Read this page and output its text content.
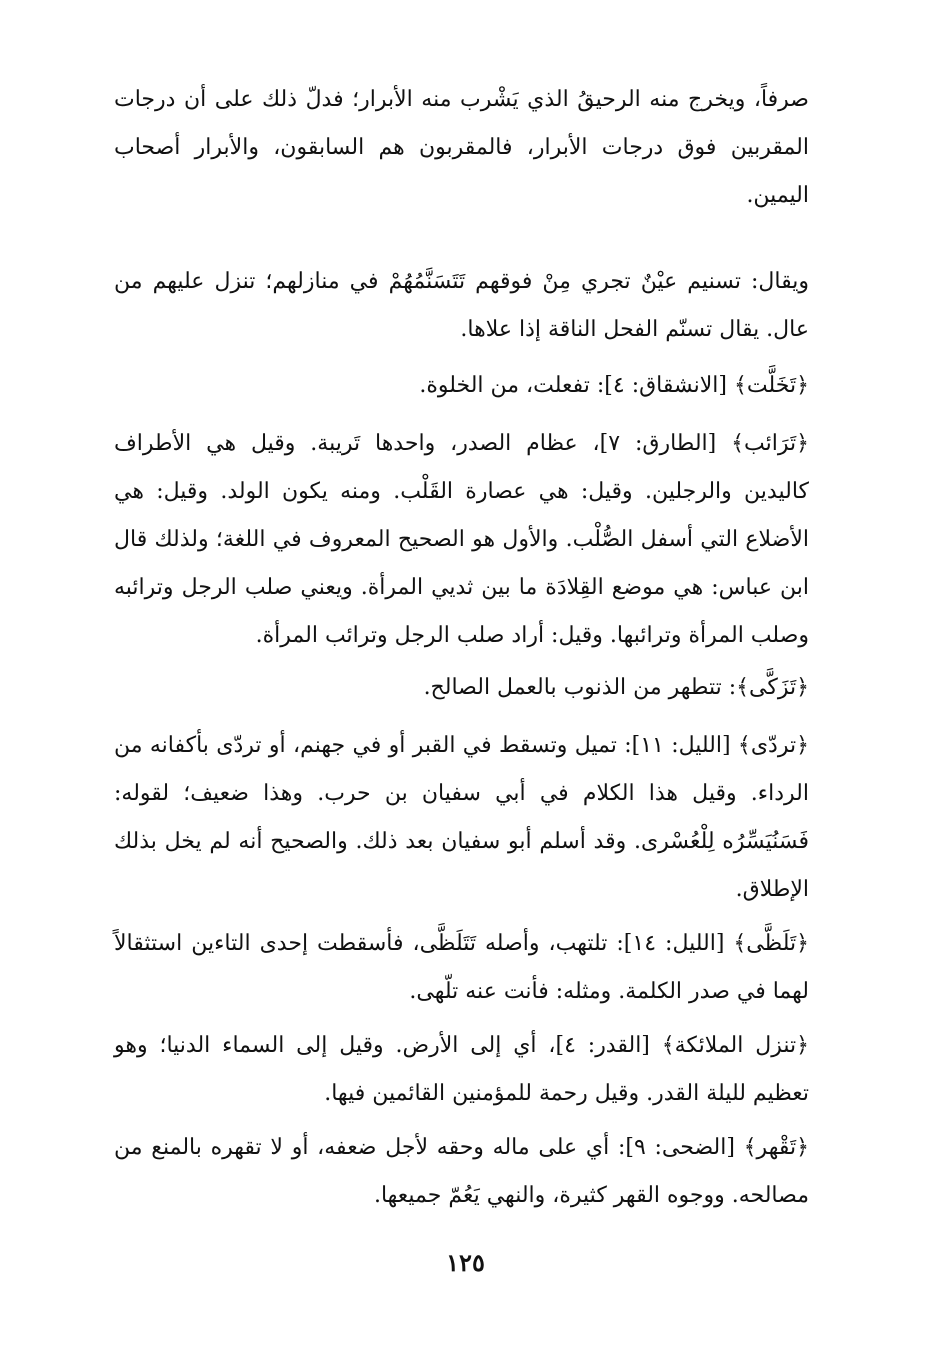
صرفاً، ويخرج منه الرحيقُ الذي يَشْرب منه الأبرار؛ فدلّ ذلك على أن درجات المقربين فوق درجات الأبرار، فالمقربون هم السابقون، والأبرار أصحاب اليمين.

ويقال: تسنيم عيْنٌ تجري مِنْ فوقهم تَتَسَنَّمُهُمْ في منازلهم؛ تنزل عليهم من عال. يقال تسنّم الفحل الناقة إذا علاها.

﴿تَخَلَّت﴾ [الانشقاق: ٤]: تفعلت، من الخلوة.

﴿تَرَائب﴾ [الطارق: ٧]، عظام الصدر، واحدها تَريبة. وقيل هي الأطراف كاليدين والرجلين. وقيل: هي عصارة القَلْب. ومنه يكون الولد. وقيل: هي الأضلاع التي أسفل الصُّلْب. والأول هو الصحيح المعروف في اللغة؛ ولذلك قال ابن عباس: هي موضع القِلادَة ما بين ثديي المرأة. ويعني صلب الرجل وترائبه وصلب المرأة وترائبها. وقيل: أراد صلب الرجل وترائب المرأة.

﴿تَزَكَّى﴾: تتطهر من الذنوب بالعمل الصالح.

﴿تردّى﴾ [الليل: ١١]: تميل وتسقط في القبر أو في جهنم، أو تردّى بأكفانه من الرداء. وقيل هذا الكلام في أبي سفيان بن حرب. وهذا ضعيف؛ لقوله: فَسَنُيَسِّرُه لِلْعُسْرى. وقد أسلم أبو سفيان بعد ذلك. والصحيح أنه لم يخل بذلك الإطلاق.

﴿تَلَظَّى﴾ [الليل: ١٤]: تلتهب، وأصله تَتَلَظَّى، فأسقطت إحدى التاءين استثقالاً لهما في صدر الكلمة. ومثله: فأنت عنه تلّهى.

﴿تنزل الملائكة﴾ [القدر: ٤]، أي إلى الأرض. وقيل إلى السماء الدنيا؛ وهو تعظيم لليلة القدر. وقيل رحمة للمؤمنين القائمين فيها.

﴿تَقْهر﴾ [الضحى: ٩]: أي على ماله وحقه لأجل ضعفه، أو لا تقهره بالمنع من مصالحه. ووجوه القهر كثيرة، والنهي يَعُمّ جميعها.

١٢٥
